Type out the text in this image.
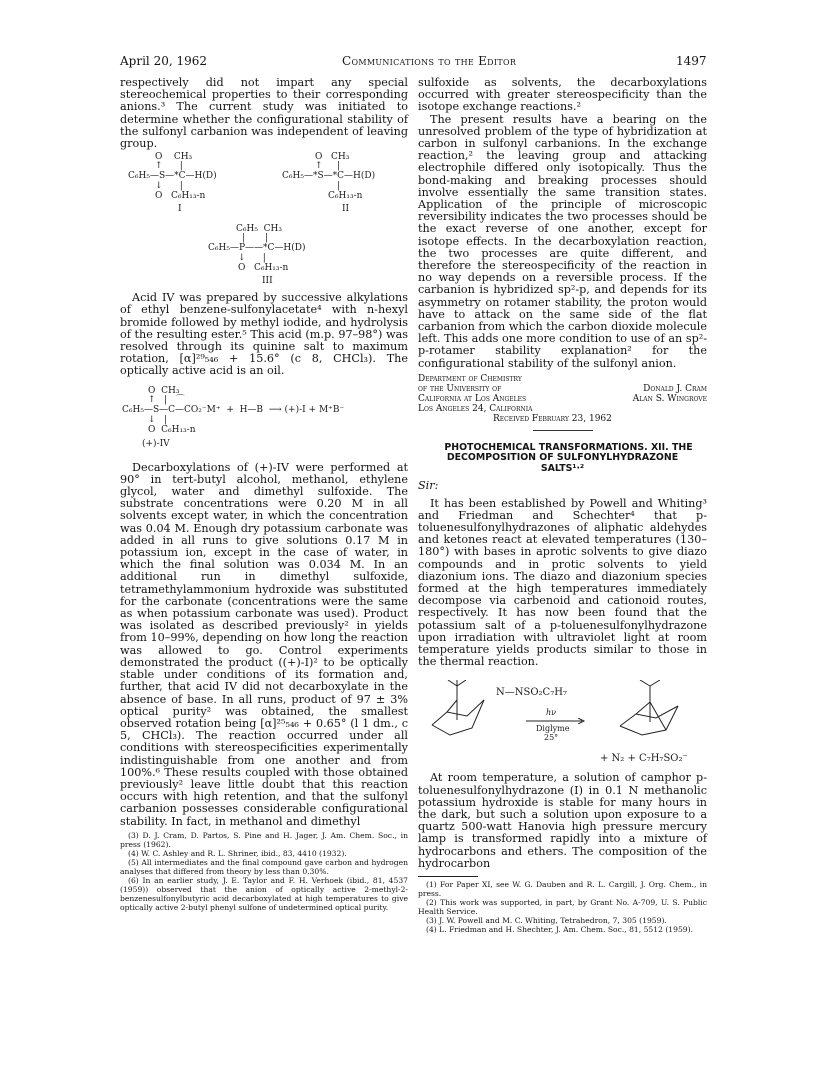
April 20, 1962	Communications to the Editor	1497

respectively did not impart any special stereochemical properties to their corresponding anions.³ The current study was initiated to determine whether the configurational stability of the sulfonyl carbanion was independent of leaving group.

O    CH₃
↑      |
C₆H₅—S—*C—H(D)
↓      |
O   C₆H₁₃-n
I
O   CH₃
↑     |
C₆H₅—*S—*C—H(D)
|
C₆H₁₃-n
II
C₆H₅  CH₃
|       |
C₆H₅—P——*C—H(D)
↓      |
O   C₆H₁₃-n
III

Acid IV was prepared by successive alkylations of ethyl benzene-sulfonylacetate⁴ with n-hexyl bromide followed by methyl iodide, and hydrolysis of the resulting ester.⁵ This acid (m.p. 97–98°) was resolved through its quinine salt to maximum rotation, [α]²⁹₅₄₆ + 15.6° (c 8, CHCl₃). The optically active acid is an oil.

O  CH₃
↑   |   ⌒
C₆H₅—S—C—CO₂⁻M⁺  +  H—B  ⟶ (+)-I + M⁺B⁻
↓   |
O  C₆H₁₃-n
(+)-IV

Decarboxylations of (+)-IV were performed at 90° in tert-butyl alcohol, methanol, ethylene glycol, water and dimethyl sulfoxide. The substrate concentrations were 0.20 M in all solvents except water, in which the concentration was 0.04 M. Enough dry potassium carbonate was added in all runs to give solutions 0.17 M in potassium ion, except in the case of water, in which the final solution was 0.034 M. In an additional run in dimethyl sulfoxide, tetramethylammonium hydroxide was substituted for the carbonate (concentrations were the same as when potassium carbonate was used). Product was isolated as described previously² in yields from 10–99%, depending on how long the reaction was allowed to go. Control experiments demonstrated the product ((+)-I)² to be optically stable under conditions of its formation and, further, that acid IV did not decarboxylate in the absence of base. In all runs, product of 97 ± 3% optical purity² was obtained, the smallest observed rotation being [α]²⁵₅₄₆ + 0.65° (l 1 dm., c 5, CHCl₃). The reaction occurred under all conditions with stereospecificities experimentally indistinguishable from one another and from 100%.⁶ These results coupled with those obtained previously² leave little doubt that this reaction occurs with high retention, and that the sulfonyl carbanion possesses considerable configurational stability. In fact, in methanol and dimethyl

(3) D. J. Cram, D. Partos, S. Pine and H. Jager, J. Am. Chem. Soc., in press (1962).

(4) W. C. Ashley and R. L. Shriner, ibid., 83, 4410 (1932).

(5) All intermediates and the final compound gave carbon and hydrogen analyses that differed from theory by less than 0.30%.

(6) In an earlier study, J. E. Taylor and F. H. Verhoek (ibid., 81, 4537 (1959)) observed that the anion of optically active 2-methyl-2-benzenesulfonylbutyric acid decarboxylated at high temperatures to give optically active 2-butyl phenyl sulfone of undetermined optical purity.

sulfoxide as solvents, the decarboxylations occurred with greater stereospecificity than the isotope exchange reactions.²

The present results have a bearing on the unresolved problem of the type of hybridization at carbon in sulfonyl carbanions. In the exchange reaction,² the leaving group and attacking electrophile differed only isotopically. Thus the bond-making and breaking processes should involve essentially the same transition states. Application of the principle of microscopic reversibility indicates the two processes should be the exact reverse of one another, except for isotope effects. In the decarboxylation reaction, the two processes are quite different, and therefore the stereospecificity of the reaction in no way depends on a reversible process. If the carbanion is hybridized sp²-p, and depends for its asymmetry on rotamer stability, the proton would have to attack on the same side of the flat carbanion from which the carbon dioxide molecule left. This adds one more condition to use of an sp²-p-rotamer stability explanation² for the configurational stability of the sulfonyl anion.

Department of Chemistry
of the University of
California at Los Angeles
Los Angeles 24, California
Donald J. Cram
Alan S. Wingrove
Received February 23, 1962

PHOTOCHEMICAL TRANSFORMATIONS. XII. THE DECOMPOSITION OF SULFONYLHYDRAZONE SALTS¹·²

Sir:

It has been established by Powell and Whiting³ and Friedman and Schechter⁴ that p-toluenesulfonylhydrazones of aliphatic aldehydes and ketones react at elevated temperatures (130–180°) with bases in aprotic solvents to give diazo compounds and in protic solvents to yield diazonium ions. The diazo and diazonium species formed at the high temperatures immediately decompose via carbenoid and cationoid routes, respectively. It has now been found that the potassium salt of a p-toluenesulfonylhydrazone upon irradiation with ultraviolet light at room temperature yields products similar to those in the thermal reaction.

N—NSO₂C₇H₇
hν
Diglyme
25°
+ N₂ + C₇H₇SO₂⁻

At room temperature, a solution of camphor p-toluenesulfonylhydrazone (I) in 0.1 N methanolic potassium hydroxide is stable for many hours in the dark, but such a solution upon exposure to a quartz 500-watt Hanovia high pressure mercury lamp is transformed rapidly into a mixture of hydrocarbons and ethers. The composition of the hydrocarbon

(1) For Paper XI, see W. G. Dauben and R. L. Cargill, J. Org. Chem., in press.

(2) This work was supported, in part, by Grant No. A-709, U. S. Public Health Service.

(3) J. W. Powell and M. C. Whiting, Tetrahedron, 7, 305 (1959).

(4) L. Friedman and H. Shechter, J. Am. Chem. Soc., 81, 5512 (1959).
